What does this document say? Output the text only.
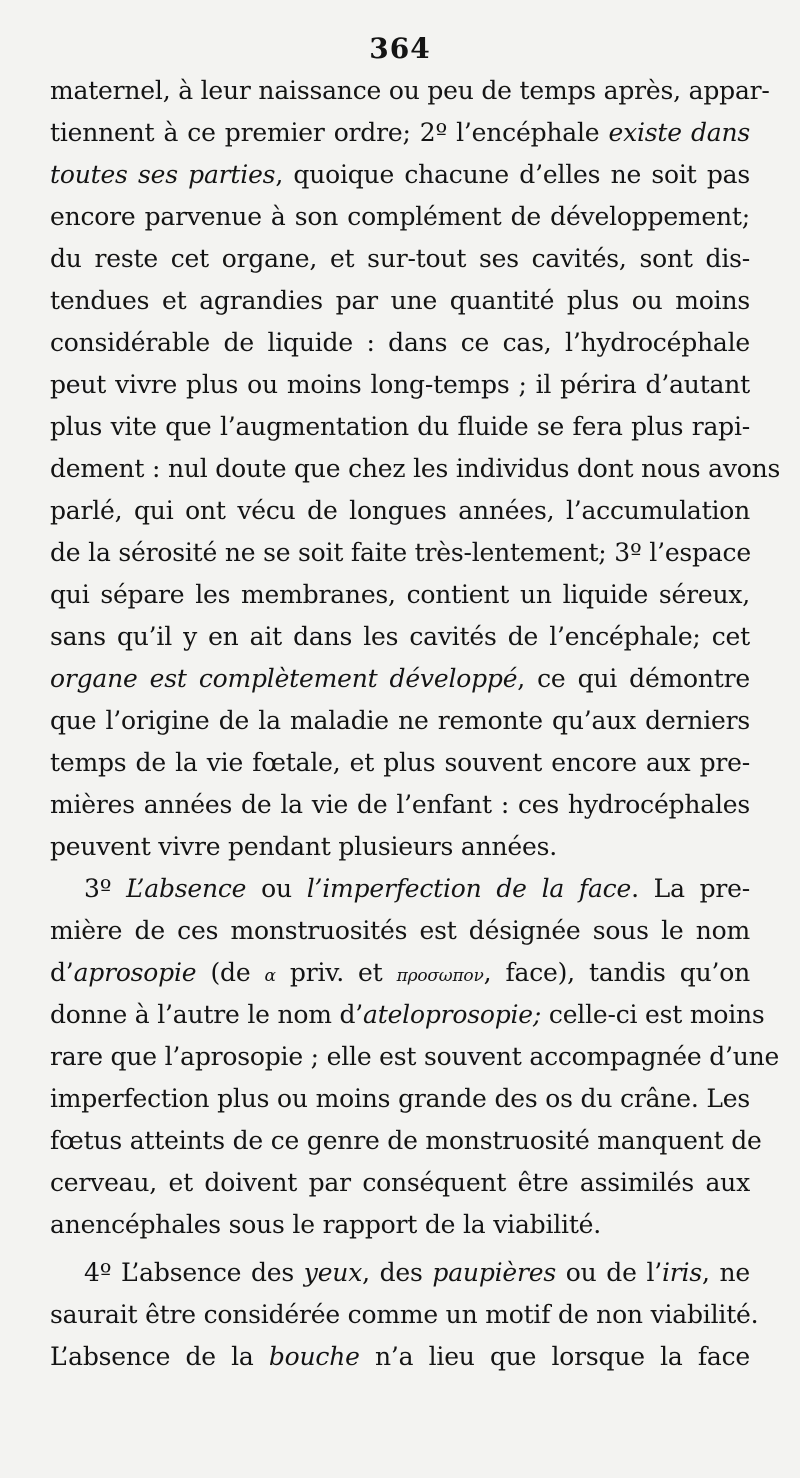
364
maternel, à leur naissance ou peu de temps après, appar-
tiennent à ce premier ordre; 2º l’encéphale existe dans
toutes ses parties, quoique chacune d’elles ne soit pas
encore parvenue à son complément de développement;
du reste cet organe, et sur-tout ses cavités, sont dis-
tendues et agrandies par une quantité plus ou moins
considérable de liquide : dans ce cas, l’hydrocéphale
peut vivre plus ou moins long-temps ; il périra d’autant
plus vite que l’augmentation du fluide se fera plus rapi-
dement : nul doute que chez les individus dont nous avons
parlé, qui ont vécu de longues années, l’accumulation
de la sérosité ne se soit faite très-lentement; 3º l’espace
qui sépare les membranes, contient un liquide séreux,
sans qu’il y en ait dans les cavités de l’encéphale; cet
organe est complètement développé, ce qui démontre
que l’origine de la maladie ne remonte qu’aux derniers
temps de la vie fœtale, et plus souvent encore aux pre-
mières années de la vie de l’enfant : ces hydrocéphales
peuvent vivre pendant plusieurs années.
3º L’absence ou l’imperfection de la face. La pre-
mière de ces monstruosités est désignée sous le nom
d’aprosopie (de α priv. et πρoσωπον, face), tandis qu’on
donne à l’autre le nom d’ateloprosopie; celle-ci est moins
rare que l’aprosopie ; elle est souvent accompagnée d’une
imperfection plus ou moins grande des os du crâne. Les
fœtus atteints de ce genre de monstruosité manquent de
cerveau, et doivent par conséquent être assimilés aux
anencéphales sous le rapport de la viabilité.
4º L’absence des yeux, des paupières ou de l’iris, ne
saurait être considérée comme un motif de non viabilité.
L’absence de la bouche n’a lieu que lorsque la face
